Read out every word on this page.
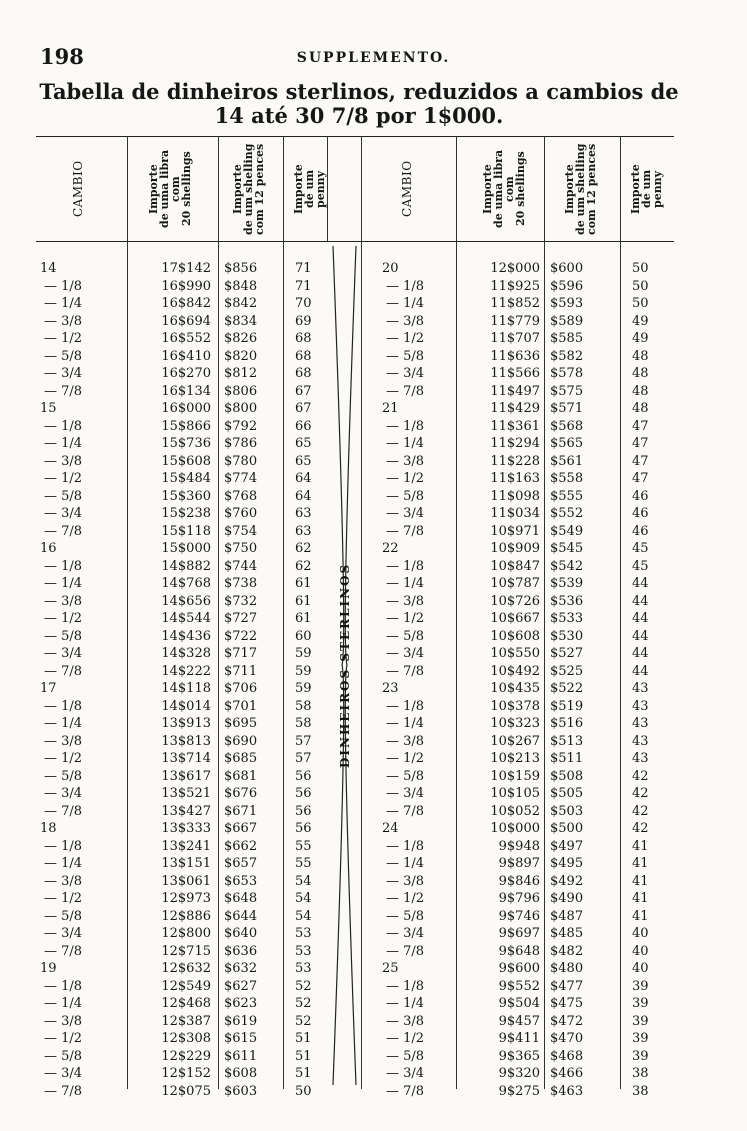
198	SUPPLEMENTO.
Tabella de dinheiros sterlinos, reduzidos a cambios de 14 até 30 7/8 por 1$000.
CAMBIO	Importe
de uma libra com
20 shellings	Importe
de um shelling
com 12 pences Importe
de um penny	CAMBIO	Importe
de uma libra com
20 shellings	Importe
de um shelling
com 12 pences	Importe
de um penny
DINHEIROS STERLINOS
14	17$142 $856	71
— 1/8	16$990 $848	71
— 1/4	16$842 $842	70
— 3/8	16$694 $834	69
— 1/2	16$552 $826	68
— 5/8	16$410 $820	68
— 3/4	16$270 $812	68
— 7/8	16$134 $806	67
15	16$000 $800	67
— 1/8	15$866 $792	66
— 1/4	15$736 $786	65
— 3/8	15$608 $780	65
— 1/2	15$484 $774	64
— 5/8	15$360 $768	64
— 3/4	15$238 $760	63
— 7/8	15$118 $754	63
16	15$000 $750	62
— 1/8	14$882 $744	62
— 1/4	14$768 $738	61
— 3/8	14$656 $732	61
— 1/2	14$544 $727	61
— 5/8	14$436 $722	60
— 3/4	14$328 $717	59
— 7/8	14$222 $711	59
17	14$118 $706	59
— 1/8	14$014 $701	58
— 1/4	13$913 $695	58
— 3/8	13$813 $690	57
— 1/2	13$714 $685	57
— 5/8	13$617 $681	56
— 3/4	13$521 $676	56
— 7/8	13$427 $671	56
18	13$333 $667	56
— 1/8	13$241 $662	55
— 1/4	13$151 $657	55
— 3/8	13$061 $653	54
— 1/2	12$973 $648	54
— 5/8	12$886 $644	54
— 3/4	12$800 $640	53
— 7/8	12$715 $636	53
19	12$632 $632	53
— 1/8	12$549 $627	52
— 1/4	12$468 $623	52
— 3/8	12$387 $619	52
— 1/2	12$308 $615	51
— 5/8	12$229 $611	51
— 3/4	12$152 $608	51
— 7/8	12$075 $603	50
20	12$000 $600	50
— 1/8	11$925 $596	50
— 1/4	11$852 $593	50
— 3/8	11$779 $589	49
— 1/2	11$707 $585	49
— 5/8	11$636 $582	48
— 3/4	11$566 $578	48
— 7/8	11$497 $575	48
21	11$429 $571	48
— 1/8	11$361 $568	47
— 1/4	11$294 $565	47
— 3/8	11$228 $561	47
— 1/2	11$163 $558	47
— 5/8	11$098 $555	46
— 3/4	11$034 $552	46
— 7/8	10$971 $549	46
22	10$909 $545	45
— 1/8	10$847 $542	45
— 1/4	10$787 $539	44
— 3/8	10$726 $536	44
— 1/2	10$667 $533	44
— 5/8	10$608 $530	44
— 3/4	10$550 $527	44
— 7/8	10$492 $525	44
23	10$435 $522	43
— 1/8	10$378 $519	43
— 1/4	10$323 $516	43
— 3/8	10$267 $513	43
— 1/2	10$213 $511	43
— 5/8	10$159 $508	42
— 3/4	10$105 $505	42
— 7/8	10$052 $503	42
24	10$000 $500	42
— 1/8	9$948 $497	41
— 1/4	9$897 $495	41
— 3/8	9$846 $492	41
— 1/2	9$796 $490	41
— 5/8	9$746 $487	41
— 3/4	9$697 $485	40
— 7/8	9$648 $482	40
25	9$600 $480	40
— 1/8	9$552 $477	39
— 1/4	9$504 $475	39
— 3/8	9$457 $472	39
— 1/2	9$411 $470	39
— 5/8	9$365 $468	39
— 3/4	9$320 $466	38
— 7/8	9$275 $463	38
